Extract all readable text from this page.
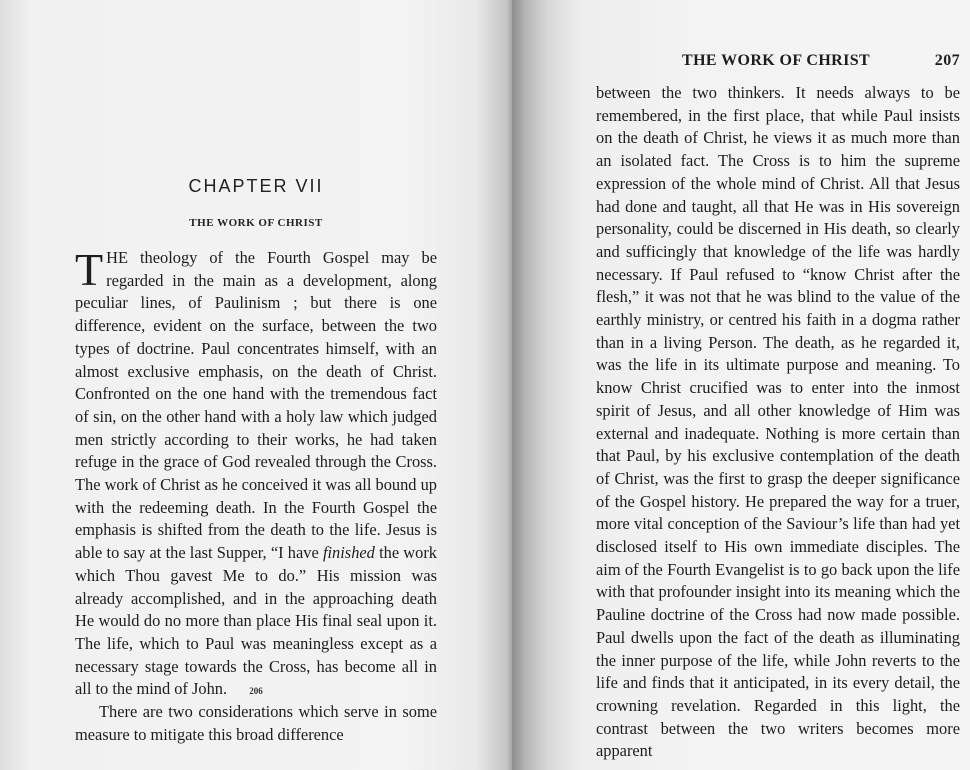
CHAPTER VII
THE WORK OF CHRIST

THE theology of the Fourth Gospel may be regarded in the main as a development, along peculiar lines, of Paulinism ; but there is one difference, evident on the surface, between the two types of doctrine. Paul concentrates himself, with an almost exclusive emphasis, on the death of Christ. Confronted on the one hand with the tremendous fact of sin, on the other hand with a holy law which judged men strictly according to their works, he had taken refuge in the grace of God revealed through the Cross. The work of Christ as he conceived it was all bound up with the redeeming death. In the Fourth Gospel the emphasis is shifted from the death to the life. Jesus is able to say at the last Supper, “I have finished the work which Thou gavest Me to do.” His mission was already accomplished, and in the approaching death He would do no more than place His final seal upon it. The life, which to Paul was meaningless except as a necessary stage towards the Cross, has become all in all to the mind of John.

There are two considerations which serve in some measure to mitigate this broad difference

206
THE WORK OF CHRIST	207

between the two thinkers. It needs always to be remembered, in the first place, that while Paul insists on the death of Christ, he views it as much more than an isolated fact. The Cross is to him the supreme expression of the whole mind of Christ. All that Jesus had done and taught, all that He was in His sovereign personality, could be discerned in His death, so clearly and sufficingly that knowledge of the life was hardly necessary. If Paul refused to “know Christ after the flesh,” it was not that he was blind to the value of the earthly ministry, or centred his faith in a dogma rather than in a living Person. The death, as he regarded it, was the life in its ultimate purpose and meaning. To know Christ crucified was to enter into the inmost spirit of Jesus, and all other knowledge of Him was external and inadequate. Nothing is more certain than that Paul, by his exclusive contemplation of the death of Christ, was the first to grasp the deeper significance of the Gospel history. He prepared the way for a truer, more vital conception of the Saviour’s life than had yet disclosed itself to His own immediate disciples. The aim of the Fourth Evangelist is to go back upon the life with that profounder insight into its meaning which the Pauline doctrine of the Cross had now made possible. Paul dwells upon the fact of the death as illuminating the inner purpose of the life, while John reverts to the life and finds that it anticipated, in its every detail, the crowning revelation. Regarded in this light, the contrast between the two writers becomes more apparent
